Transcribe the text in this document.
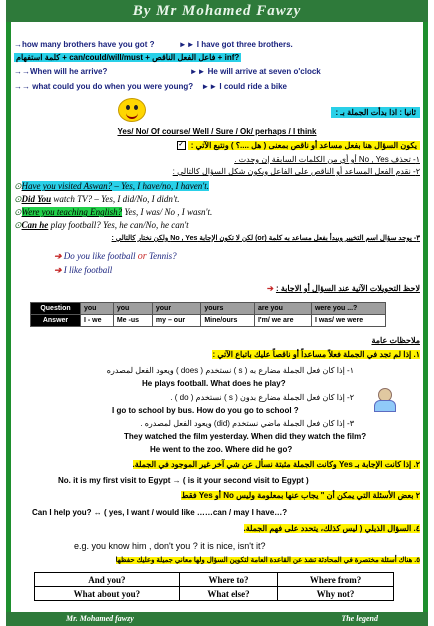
By Mr Mohamed Fawzy
→how many brothers have you got ?	►► I have got three brothers.
كلمة استفهام + can/could/will/must + فاعل الفعل الناقص + inf?
→→When will he arrive?	►► He will arrive at seven o'clock
→→ what could you do when you were young? ►► I could ride a bike
ثانيا : اذا بدأت الجملة بـ :
Yes/ No/ Of course/ Well / Sure / Ok/ perhaps / I think
يكون السؤال هنا بفعل مساعد أو ناقص بمعنى ( هل ....؟ ) ونتبع الآتي : ✓
١- تحذف No , Yes أو أي من الكلمات السابقة إن وجدت .
٢- نقدم الفعل المساعد أو الناقص على الفاعل ويكون شكل السؤال كالتالي :
⊙Have you visited Aswan? – Yes, I have/no, I haven't.
⊙Did You watch TV? – Yes, I did/No, I didn't.
⊙Were you teaching English? Yes, I was/ No , I wasn't.
⊙Can he play football? Yes, he can/No, he can't
٣- يوجد سؤال اسم التخيير ويبدأ بفعل مساعد به كلمة (or) لكن لا تكون الإجابة No , Yes ولكن نختار كالتالي :
➔ Do you like football or Tennis?
➔ I like football
لاحظ التحويلات الآتية عند السؤال أو الاجابة : ➔
Question	you	you	your	yours	are you	were you ...?
Answer	I - we	Me -us	my – our	Mine/ours	I'm/ we are	I was/ we were
ملاحظات عامة
١. إذا لم تجد في الجملة فعلاً مساعداً أو ناقصاً عليك باتباع الآتي :
١- إذا كان فعل الجملة مضارع به ( s ) نستخدم ( does ) ويعود الفعل لمصدره
He plays football. What does he play?
٢- إذا كان فعل الجملة مضارع بدون ( s ) نستخدم ( do ) .
I go to school by bus. How do you go to school ?
٣- إذا كان فعل الجملة ماضي نستخدم (did) ويعود الفعل لمصدره .
They watched the film yesterday. When did they watch the film?
He went to the zoo. Where did he go?
٢. إذا كانت الإجابة بـ Yes وكانت الجملة مثبتة نسأل عن شي آخر غير الموجود في الجملة.
No. it is my first visit to Egypt → ( is it your second visit to Egypt )
٢ بعض الأسئلة التي يمكن أن " يجاب عنها بمعلومة وليس No أو Yes فقط
Can I help you? ↔ ( yes, I want / would like ……can / may I have…?
٤. السؤال الذيلي ( ليس كذلك، يتحدد على فهم الجملة.
e.g. you know him , don't you ? it is nice, isn't it?
٥. هناك أسئلة مختصرة في المحادثة تشذ عن القاعدة العامة لتكوين السؤال ولها معاني جميلة وعليك حفظها
And you?	Where to?	Where from?
What about you?	What else?	Why not?
Mr. Mohamed fawzy	The legend
